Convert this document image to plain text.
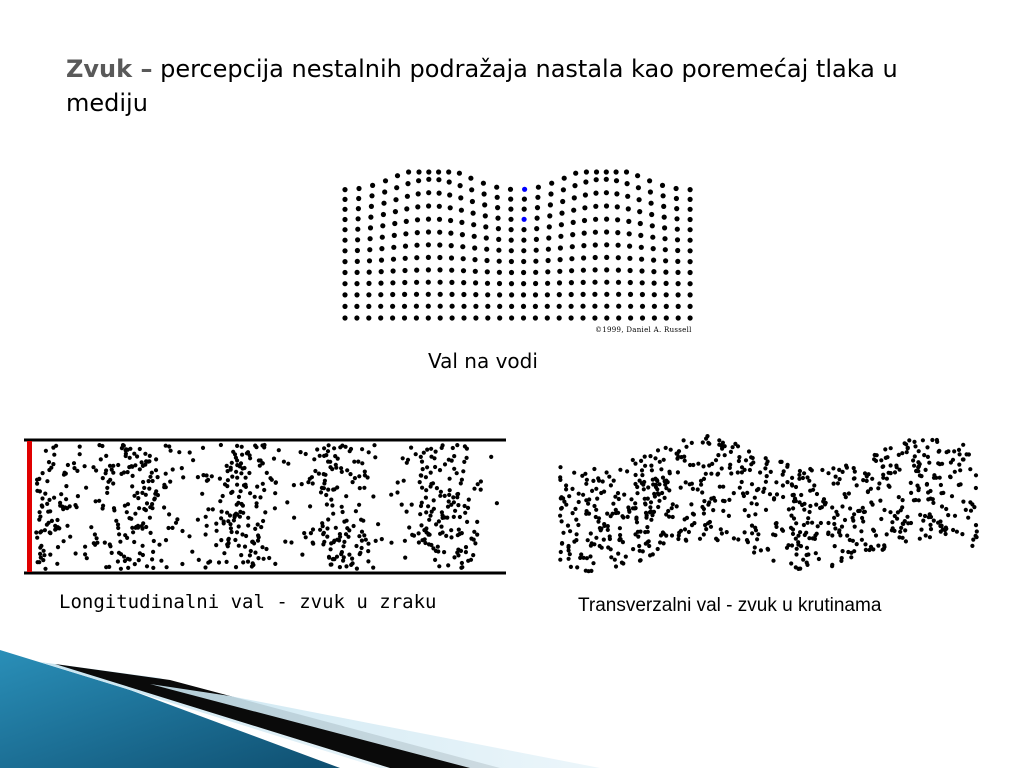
Zvuk – percepcija nestalnih podražaja nastala kao poremećaj tlaka u mediju
©1999, Daniel A. Russell
Val na vodi
Longitudinalni val - zvuk u zraku	Transverzalni val - zvuk u krutinama
